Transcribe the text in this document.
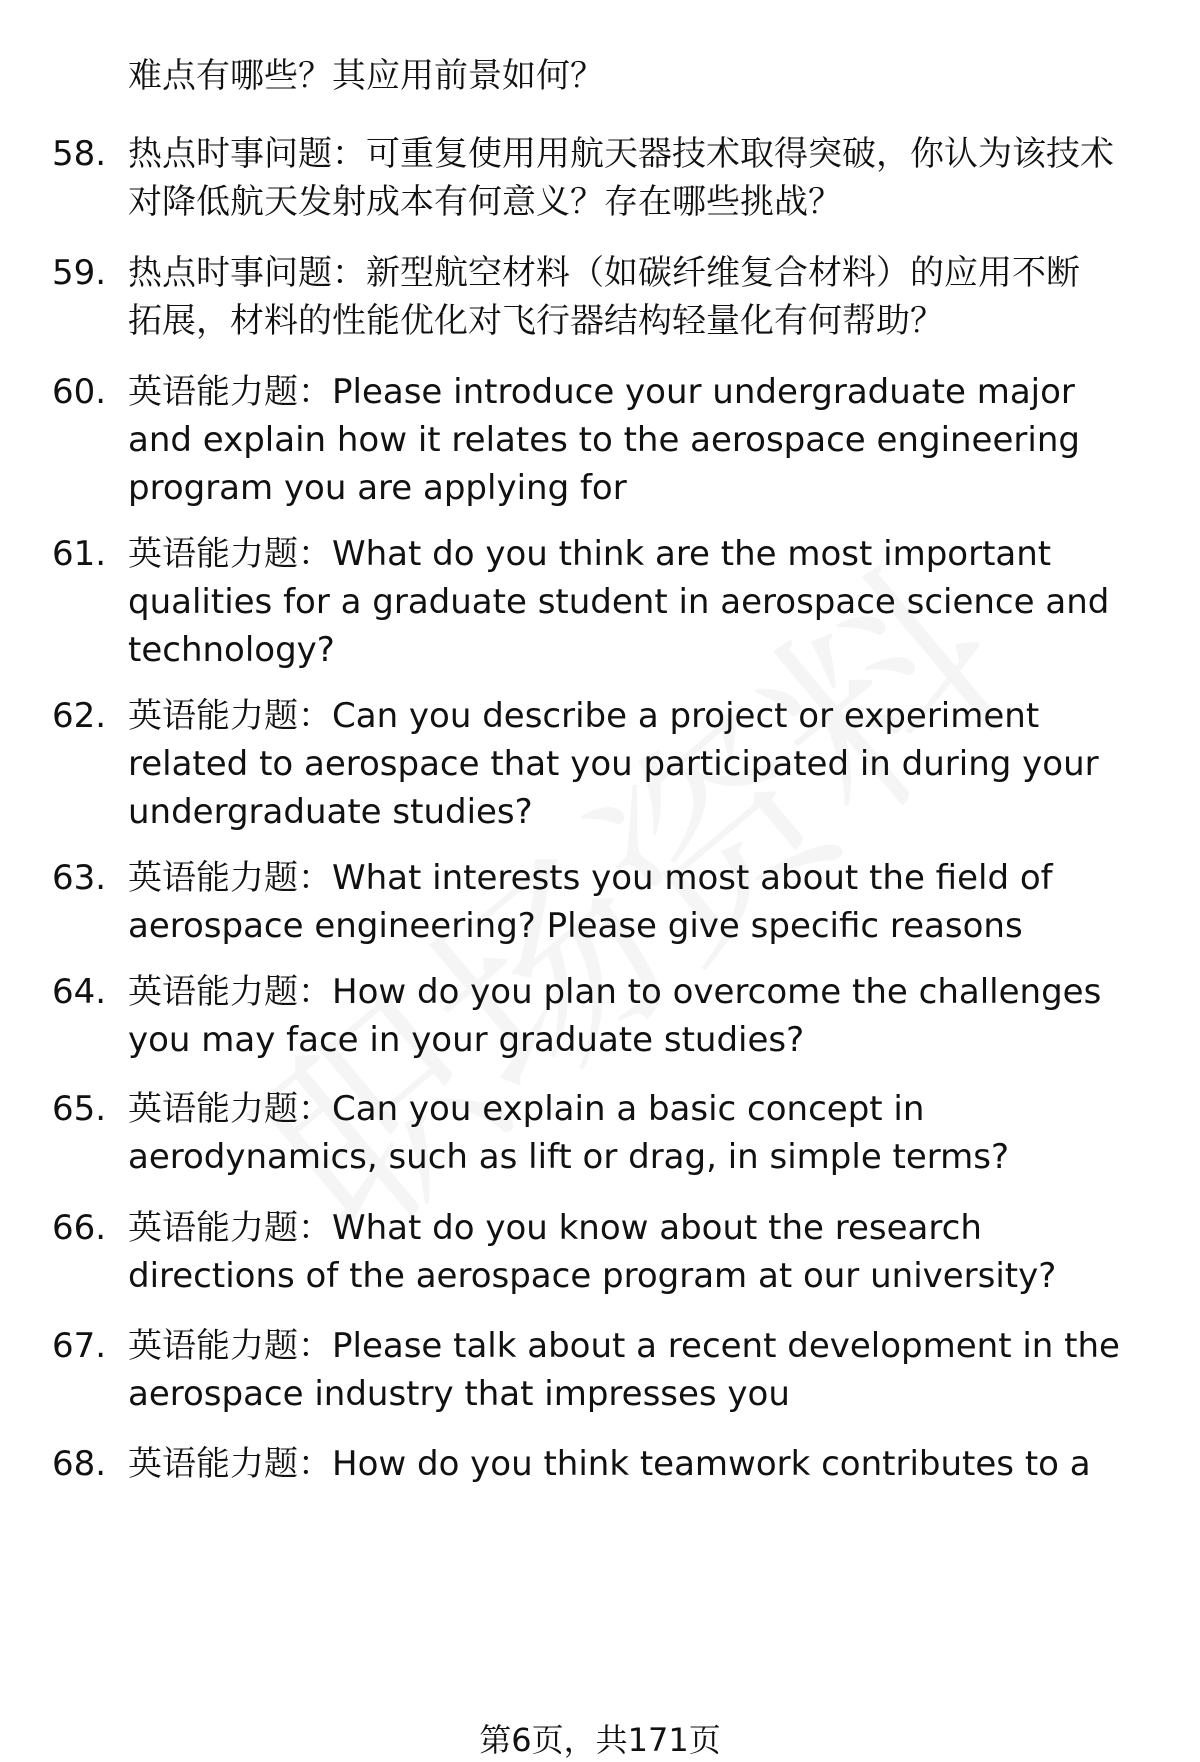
难点有哪些？其应用前景如何？
58. 热点时事问题：可重复使用用航天器技术取得突破，你认为该技术
对降低航天发射成本有何意义？存在哪些挑战？
59. 热点时事问题：新型航空材料（如碳纤维复合材料）的应用不断
拓展，材料的性能优化对飞行器结构轻量化有何帮助？
60. 英语能力题：Please introduce your undergraduate major
and explain how it relates to the aerospace engineering
program you are applying for
61. 英语能力题：What do you think are the most important
qualities for a graduate student in aerospace science and
technology?
62. 英语能力题：Can you describe a project or experiment
related to aerospace that you participated in during your
undergraduate studies?
63. 英语能力题：What interests you most about the field of
aerospace engineering? Please give specific reasons
64. 英语能力题：How do you plan to overcome the challenges
you may face in your graduate studies?
65. 英语能力题：Can you explain a basic concept in
aerodynamics, such as lift or drag, in simple terms?
66. 英语能力题：What do you know about the research
directions of the aerospace program at our university?
67. 英语能力题：Please talk about a recent development in the
aerospace industry that impresses you
68. 英语能力题：How do you think teamwork contributes to a
第6页，共171页
